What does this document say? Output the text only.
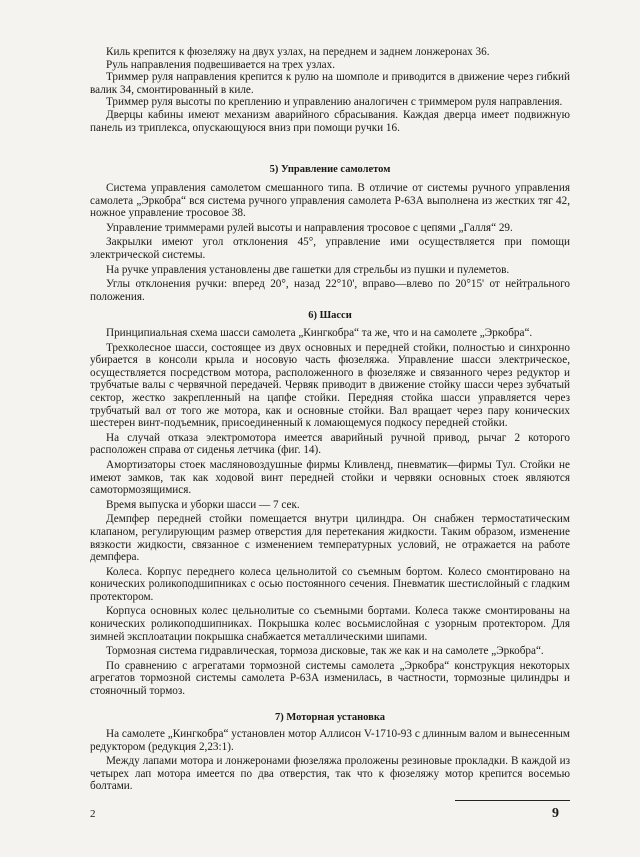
Киль крепится к фюзеляжу на двух узлах, на переднем и заднем лонжеронах 36.

Руль направления подвешивается на трех узлах.

Триммер руля направления крепится к рулю на шомполе и приводится в движение через гибкий валик 34, смонтированный в киле.

Триммер руля высоты по креплению и управлению аналогичен с триммером руля направления.

Дверцы кабины имеют механизм аварийного сбрасывания. Каждая дверца имеет подвижную панель из триплекса, опускающуюся вниз при помощи ручки 16.

5) Управление самолетом

Система управления самолетом смешанного типа. В отличие от системы ручного управления самолета „Эркобра“ вся система ручного управления самолета Р-63А выполнена из жестких тяг 42, ножное управление тросовое 38.

Управление триммерами рулей высоты и направления тросовое с цепями „Галля“ 29.

Закрылки имеют угол отклонения 45°, управление ими осуществляется при помощи электрической системы.

На ручке управления установлены две гашетки для стрельбы из пушки и пулеметов.

Углы отклонения ручки: вперед 20°, назад 22°10', вправо—влево по 20°15' от нейтрального положения.

6) Шасси

Принципиальная схема шасси самолета „Кингкобра“ та же, что и на самолете „Эркобра“.

Трехколесное шасси, состоящее из двух основных и передней стойки, полностью и синхронно убирается в консоли крыла и носовую часть фюзеляжа. Управление шасси электрическое, осуществляется посредством мотора, расположенного в фюзеляже и связанного через редуктор и трубчатые валы с червячной передачей. Червяк приводит в движение стойку шасси через зубчатый сектор, жестко закрепленный на цапфе стойки. Передняя стойка шасси управляется через трубчатый вал от того же мотора, как и основные стойки. Вал вращает через пару конических шестерен винт-подъемник, присоединенный к ломающемуся подкосу передней стойки.

На случай отказа электромотора имеется аварийный ручной привод, рычаг 2 которого расположен справа от сиденья летчика (фиг. 14).

Амортизаторы стоек масляновоздушные фирмы Кливленд, пневматик—фирмы Тул. Стойки не имеют замков, так как ходовой винт передней стойки и червяки основных стоек являются самотормозящимися.

Время выпуска и уборки шасси — 7 сек.

Демпфер передней стойки помещается внутри цилиндра. Он снабжен термостатическим клапаном, регулирующим размер отверстия для перетекания жидкости. Таким образом, изменение вязкости жидкости, связанное с изменением температурных условий, не отражается на работе демпфера.

Колеса. Корпус переднего колеса цельнолитой со съемным бортом. Колесо смонтировано на конических роликоподшипниках с осью постоянного сечения. Пневматик шестислойный с гладким протектором.

Корпуса основных колес цельнолитые со съемными бортами. Колеса также смонтированы на конических роликоподшипниках. Покрышка колес восьмислойная с узорным протектором. Для зимней эксплоатации покрышка снабжается металлическими шипами.

Тормозная система гидравлическая, тормоза дисковые, так же как и на самолете „Эркобра“.

По сравнению с агрегатами тормозной системы самолета „Эркобра“ конструкция некоторых агрегатов тормозной системы самолета Р-63А изменилась, в частности, тормозные цилиндры и стояночный тормоз.

7) Моторная установка

На самолете „Кингкобра“ установлен мотор Аллисон V-1710-93 с длинным валом и вынесенным редуктором (редукция 2,23:1).

Между лапами мотора и лонжеронами фюзеляжа проложены резиновые прокладки. В каждой из четырех лап мотора имеется по два отверстия, так что к фюзеляжу мотор крепится восемью болтами.

2	9
